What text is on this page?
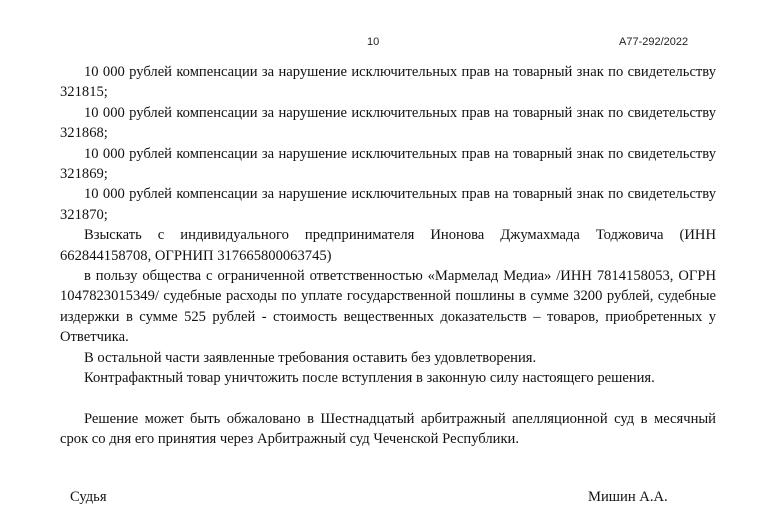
10	А77-292/2022

10 000 рублей компенсации за нарушение исключительных прав на товарный знак по свидетельству 321815;

10 000 рублей компенсации за нарушение исключительных прав на товарный знак по свидетельству 321868;

10 000 рублей компенсации за нарушение исключительных прав на товарный знак по свидетельству 321869;

10 000 рублей компенсации за нарушение исключительных прав на товарный знак по свидетельству 321870;

Взыскать с индивидуального предпринимателя Инонова Джумахмада Тоджовича (ИНН 662844158708, ОГРНИП 317665800063745)

в пользу общества с ограниченной ответственностью «Мармелад Медиа» /ИНН 7814158053, ОГРН 1047823015349/ судебные расходы по уплате государственной пошлины в сумме 3200 рублей, судебные издержки в сумме 525 рублей - стоимость вещественных доказательств – товаров, приобретенных у Ответчика.

В остальной части заявленные требования оставить без удовлетворения.

Контрафактный товар уничтожить после вступления в законную силу настоящего решения.

Решение может быть обжаловано в Шестнадцатый арбитражный апелляционной суд в месячный срок со дня его принятия через Арбитражный суд Чеченской Республики.

Судья	Мишин А.А.
